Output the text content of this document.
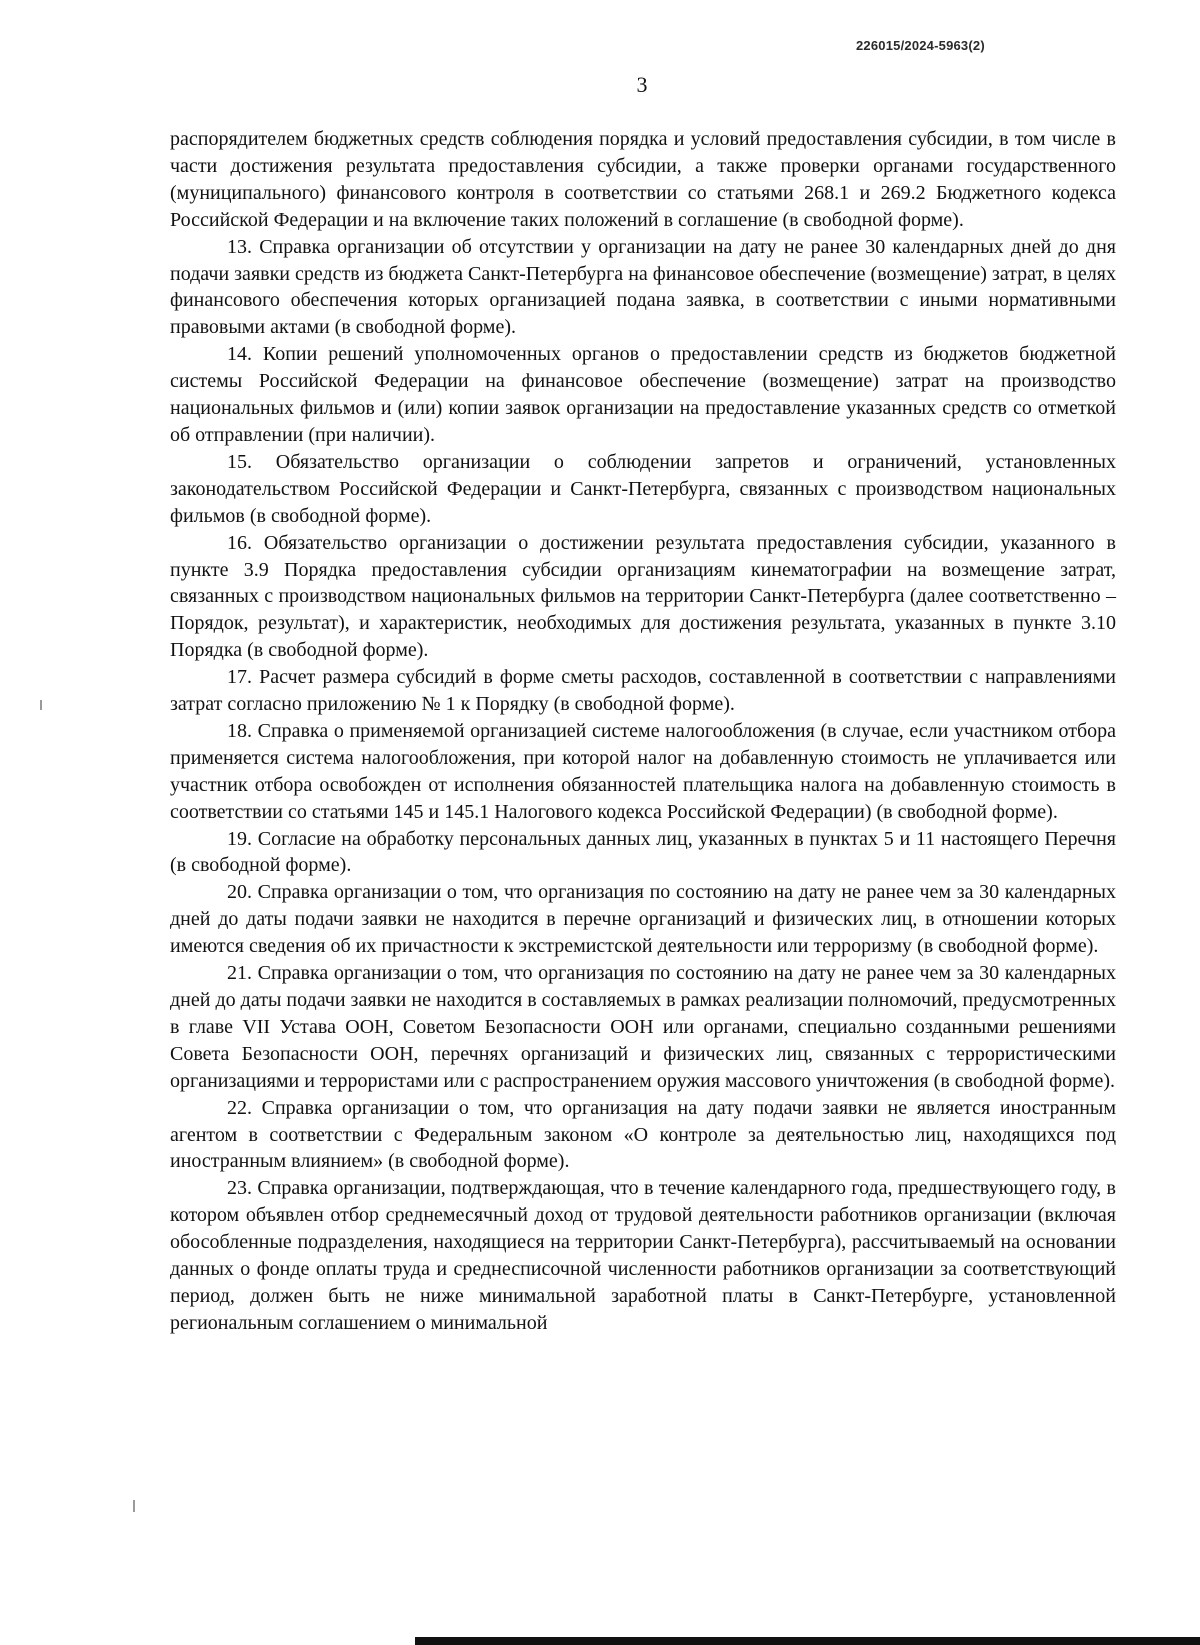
226015/2024-5963(2)
3

распорядителем бюджетных средств соблюдения порядка и условий предоставления субсидии, в том числе в части достижения результата предоставления субсидии, а также проверки органами государственного (муниципального) финансового контроля в соответствии со статьями 268.1 и 269.2 Бюджетного кодекса Российской Федерации и на включение таких положений в соглашение (в свободной форме).

13. Справка организации об отсутствии у организации на дату не ранее 30 календарных дней до дня подачи заявки средств из бюджета Санкт-Петербурга на финансовое обеспечение (возмещение) затрат, в целях финансового обеспечения которых организацией подана заявка, в соответствии с иными нормативными правовыми актами (в свободной форме).

14. Копии решений уполномоченных органов о предоставлении средств из бюджетов бюджетной системы Российской Федерации на финансовое обеспечение (возмещение) затрат на производство национальных фильмов и (или) копии заявок организации на предоставление указанных средств со отметкой об отправлении (при наличии).

15. Обязательство организации о соблюдении запретов и ограничений, установленных законодательством Российской Федерации и Санкт-Петербурга, связанных с производством национальных фильмов (в свободной форме).

16. Обязательство организации о достижении результата предоставления субсидии, указанного в пункте 3.9 Порядка предоставления субсидии организациям кинематографии на возмещение затрат, связанных с производством национальных фильмов на территории Санкт-Петербурга (далее соответственно – Порядок, результат), и характеристик, необходимых для достижения результата, указанных в пункте 3.10 Порядка (в свободной форме).

17. Расчет размера субсидий в форме сметы расходов, составленной в соответствии с направлениями затрат согласно приложению № 1 к Порядку (в свободной форме).

18. Справка о применяемой организацией системе налогообложения (в случае, если участником отбора применяется система налогообложения, при которой налог на добавленную стоимость не уплачивается или участник отбора освобожден от исполнения обязанностей плательщика налога на добавленную стоимость в соответствии со статьями 145 и 145.1 Налогового кодекса Российской Федерации) (в свободной форме).

19. Согласие на обработку персональных данных лиц, указанных в пунктах 5 и 11 настоящего Перечня (в свободной форме).

20. Справка организации о том, что организация по состоянию на дату не ранее чем за 30 календарных дней до даты подачи заявки не находится в перечне организаций и физических лиц, в отношении которых имеются сведения об их причастности к экстремистской деятельности или терроризму (в свободной форме).

21. Справка организации о том, что организация по состоянию на дату не ранее чем за 30 календарных дней до даты подачи заявки не находится в составляемых в рамках реализации полномочий, предусмотренных в главе VII Устава ООН, Советом Безопасности ООН или органами, специально созданными решениями Совета Безопасности ООН, перечнях организаций и физических лиц, связанных с террористическими организациями и террористами или с распространением оружия массового уничтожения (в свободной форме).

22. Справка организации о том, что организация на дату подачи заявки не является иностранным агентом в соответствии с Федеральным законом «О контроле за деятельностью лиц, находящихся под иностранным влиянием» (в свободной форме).

23. Справка организации, подтверждающая, что в течение календарного года, предшествующего году, в котором объявлен отбор среднемесячный доход от трудовой деятельности работников организации (включая обособленные подразделения, находящиеся на территории Санкт-Петербурга), рассчитываемый на основании данных о фонде оплаты труда и среднесписочной численности работников организации за соответствующий период, должен быть не ниже минимальной заработной платы в Санкт-Петербурге, установленной региональным соглашением о минимальной
